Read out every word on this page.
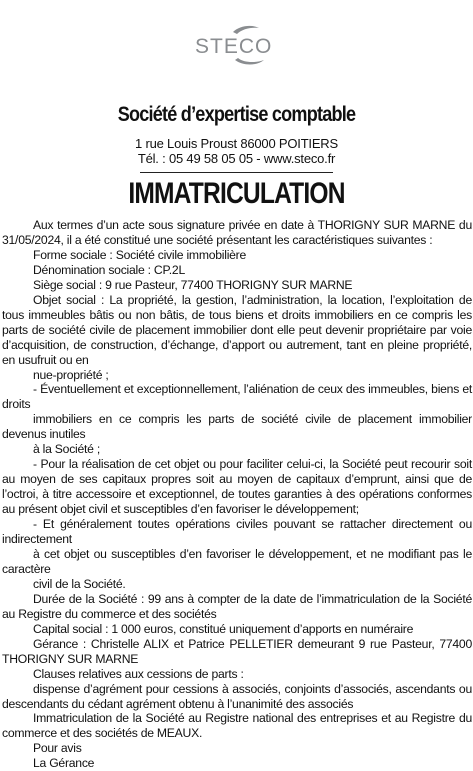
STECO
Société d’expertise comptable
1 rue Louis Proust 86000 POITIERS
Tél. : 05 49 58 05 05 - www.steco.fr
IMMATRICULATION

Aux termes d’un acte sous signature privée en date à THORIGNY SUR MARNE du 31/05/2024, il a été constitué une société présentant les caractéristiques suivantes :

Forme sociale : Société civile immobilière

Dénomination sociale : CP.2L

Siège social : 9 rue Pasteur, 77400 THORIGNY SUR MARNE

Objet social : La propriété, la gestion, l’administration, la location, l’exploitation de tous immeubles bâtis ou non bâtis, de tous biens et droits immobiliers en ce compris les parts de société civile de placement immobilier dont elle peut devenir propriétaire par voie d’acquisition, de construction, d’échange, d’apport ou autrement, tant en pleine propriété, en usufruit ou en

nue-propriété ;

- Éventuellement et exceptionnellement, l’aliénation de ceux des immeubles, biens et droits

immobiliers en ce compris les parts de société civile de placement immobilier devenus inutiles

à la Société ;

- Pour la réalisation de cet objet ou pour faciliter celui-ci, la Société peut recourir soit au moyen de ses capitaux propres soit au moyen de capitaux d’emprunt, ainsi que de l’octroi, à titre accessoire et exceptionnel, de toutes garanties à des opérations conformes au présent objet civil et susceptibles d’en favoriser le développement;

- Et généralement toutes opérations civiles pouvant se rattacher directement ou indirectement

à cet objet ou susceptibles d’en favoriser le développement, et ne modifiant pas le caractère

civil de la Société.

Durée de la Société : 99 ans à compter de la date de l’immatriculation de la Société au Registre du commerce et des sociétés

Capital social : 1 000 euros, constitué uniquement d’apports en numéraire

Gérance : Christelle ALIX et Patrice PELLETIER demeurant 9 rue Pasteur, 77400 THORIGNY SUR MARNE

Clauses relatives aux cessions de parts :

dispense d’agrément pour cessions à associés, conjoints d’associés, ascendants ou descendants du cédant agrément obtenu à l’unanimité des associés

Immatriculation de la Société au Registre national des entreprises et au Registre du commerce et des sociétés de MEAUX.

Pour avis

La Gérance
